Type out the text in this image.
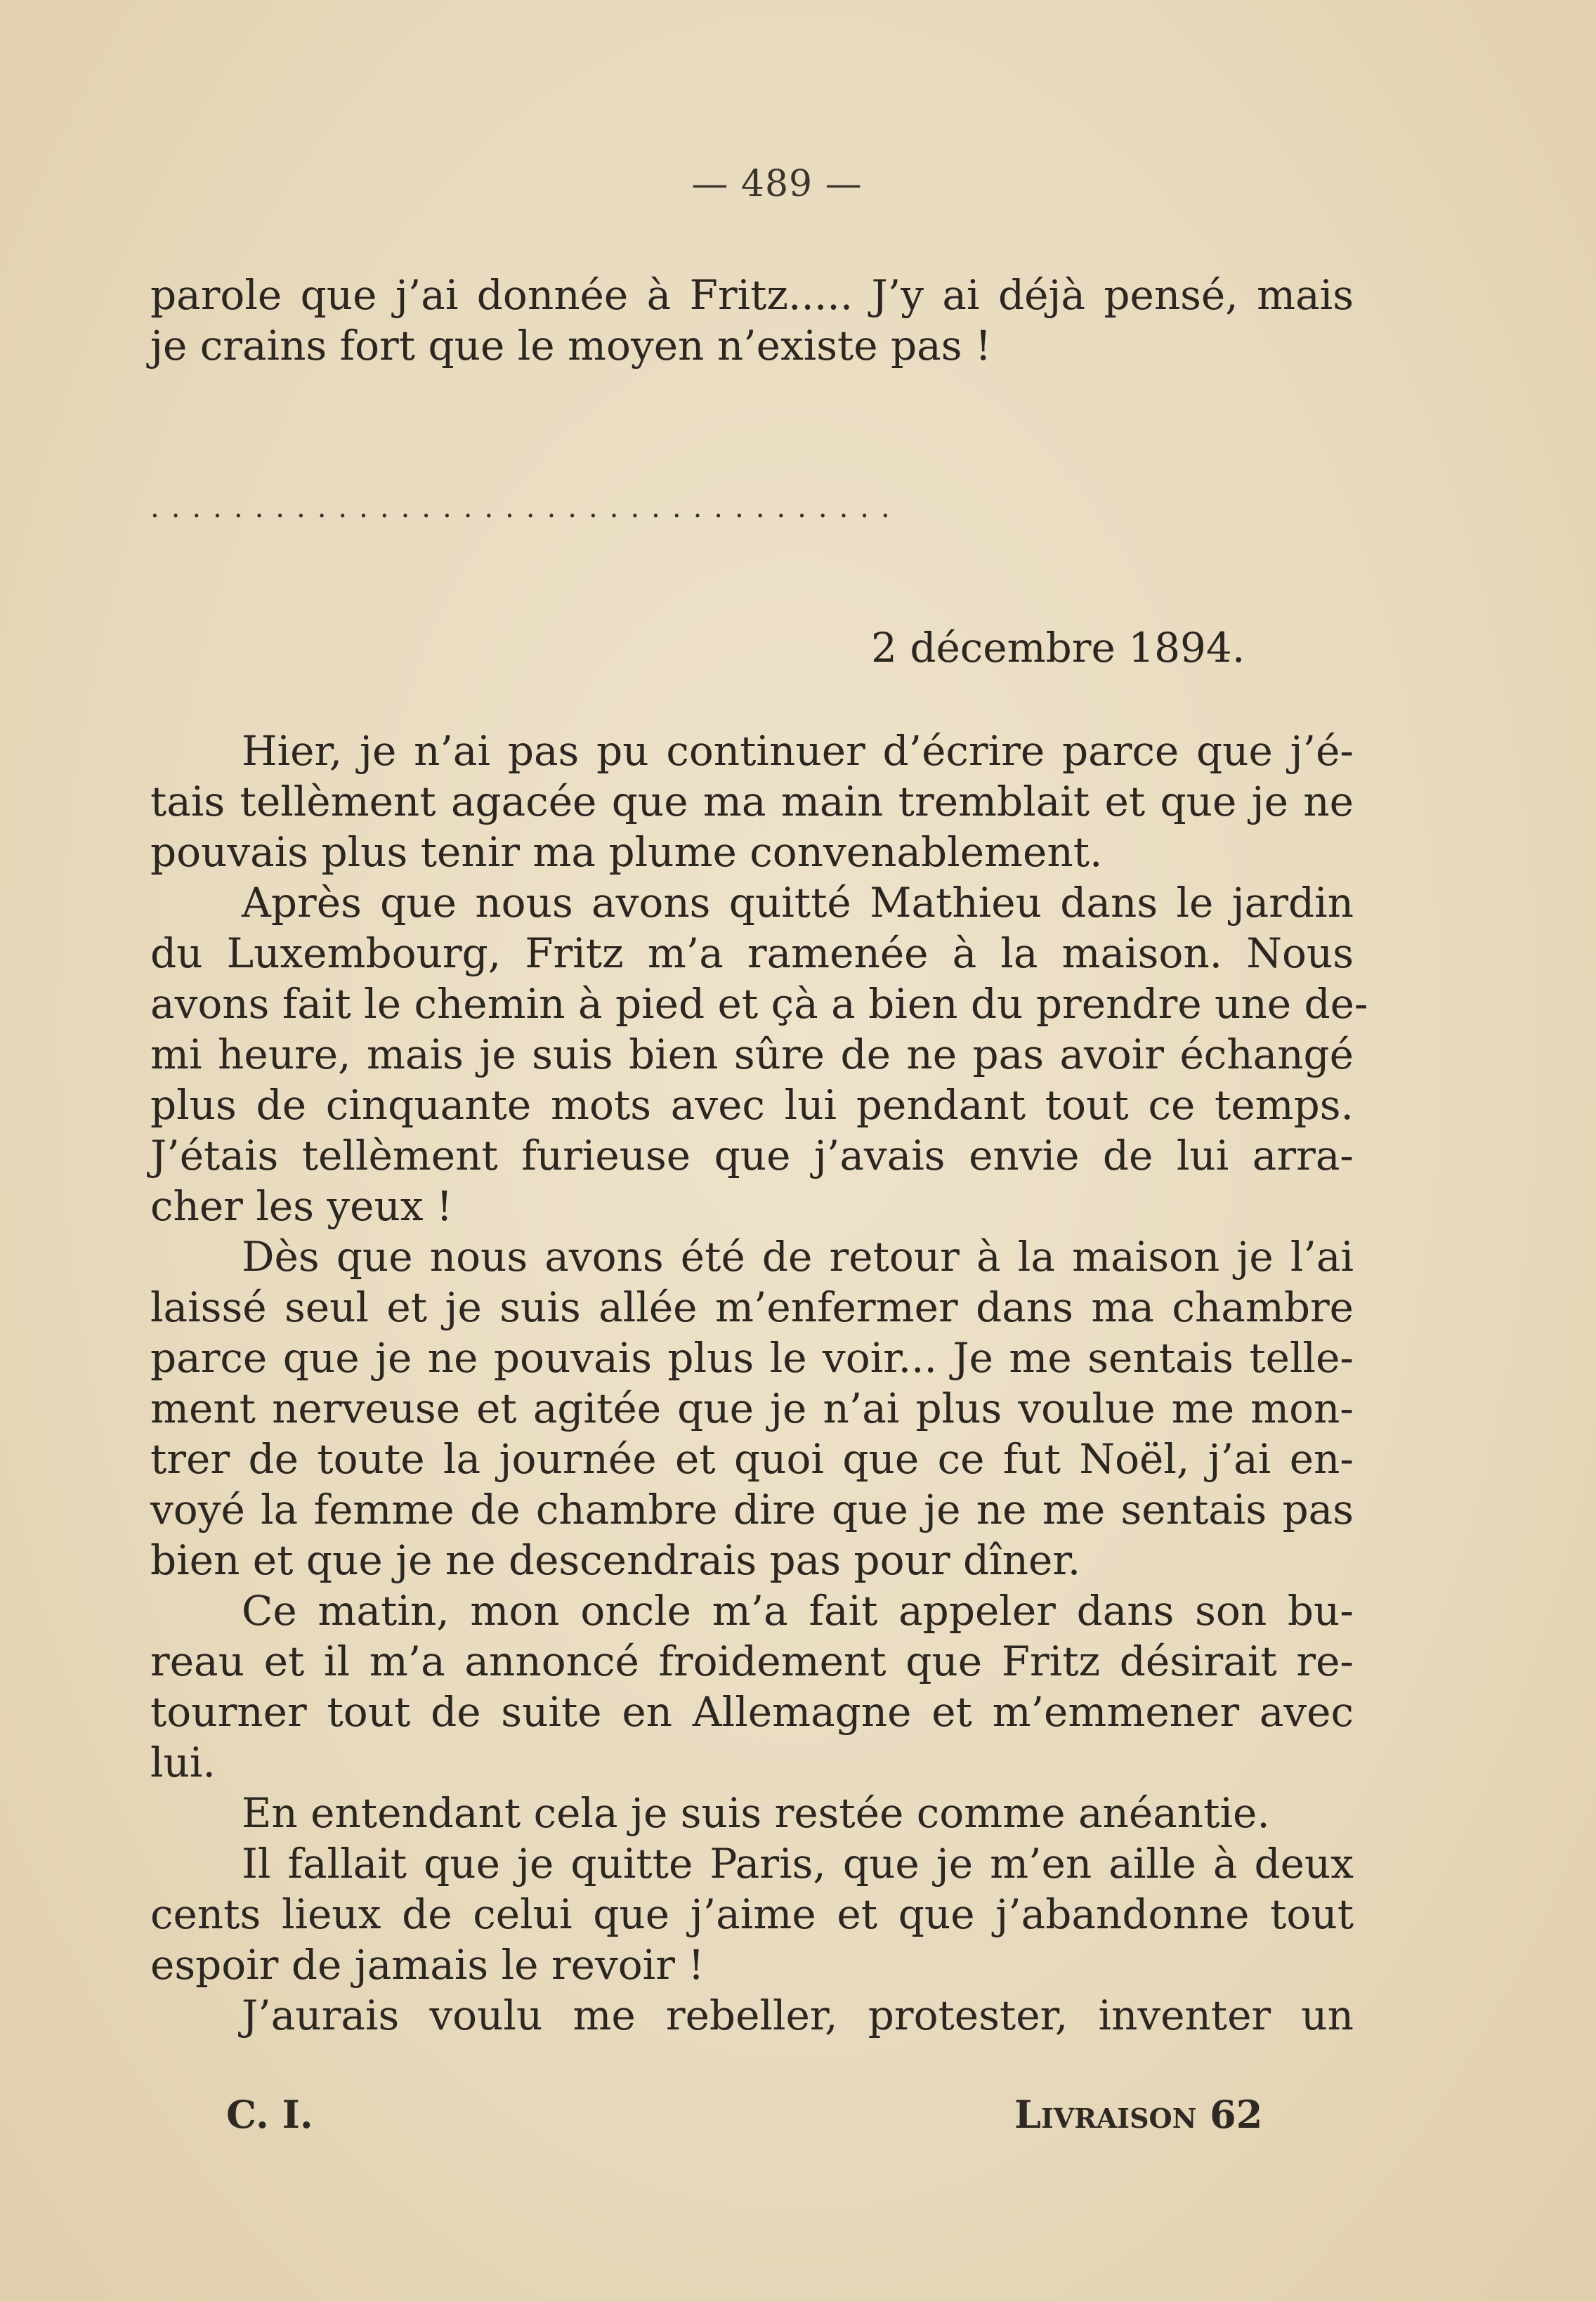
— 489 —
parole que j’ai donnée à Fritz..... J’y ai déjà pensé, mais
je crains fort que le moyen n’existe pas !
....................................
2 décembre 1894.
Hier, je n’ai pas pu continuer d’écrire parce que j’é-
tais tellèment agacée que ma main tremblait et que je ne
pouvais plus tenir ma plume convenablement.
Après que nous avons quitté Mathieu dans le jardin
du Luxembourg, Fritz m’a ramenée à la maison. Nous
avons fait le chemin à pied et çà a bien du prendre une de-
mi heure, mais je suis bien sûre de ne pas avoir échangé
plus de cinquante mots avec lui pendant tout ce temps.
J’étais tellèment furieuse que j’avais envie de lui arra-
cher les yeux !
Dès que nous avons été de retour à la maison je l’ai
laissé seul et je suis allée m’enfermer dans ma chambre
parce que je ne pouvais plus le voir... Je me sentais telle-
ment nerveuse et agitée que je n’ai plus voulue me mon-
trer de toute la journée et quoi que ce fut Noël, j’ai en-
voyé la femme de chambre dire que je ne me sentais pas
bien et que je ne descendrais pas pour dîner.
Ce matin, mon oncle m’a fait appeler dans son bu-
reau et il m’a annoncé froidement que Fritz désirait re-
tourner tout de suite en Allemagne et m’emmener avec
lui.
En entendant cela je suis restée comme anéantie.
Il fallait que je quitte Paris, que je m’en aille à deux
cents lieux de celui que j’aime et que j’abandonne tout
espoir de jamais le revoir !
J’aurais voulu me rebeller, protester, inventer un
C. I.	Livraison 62
